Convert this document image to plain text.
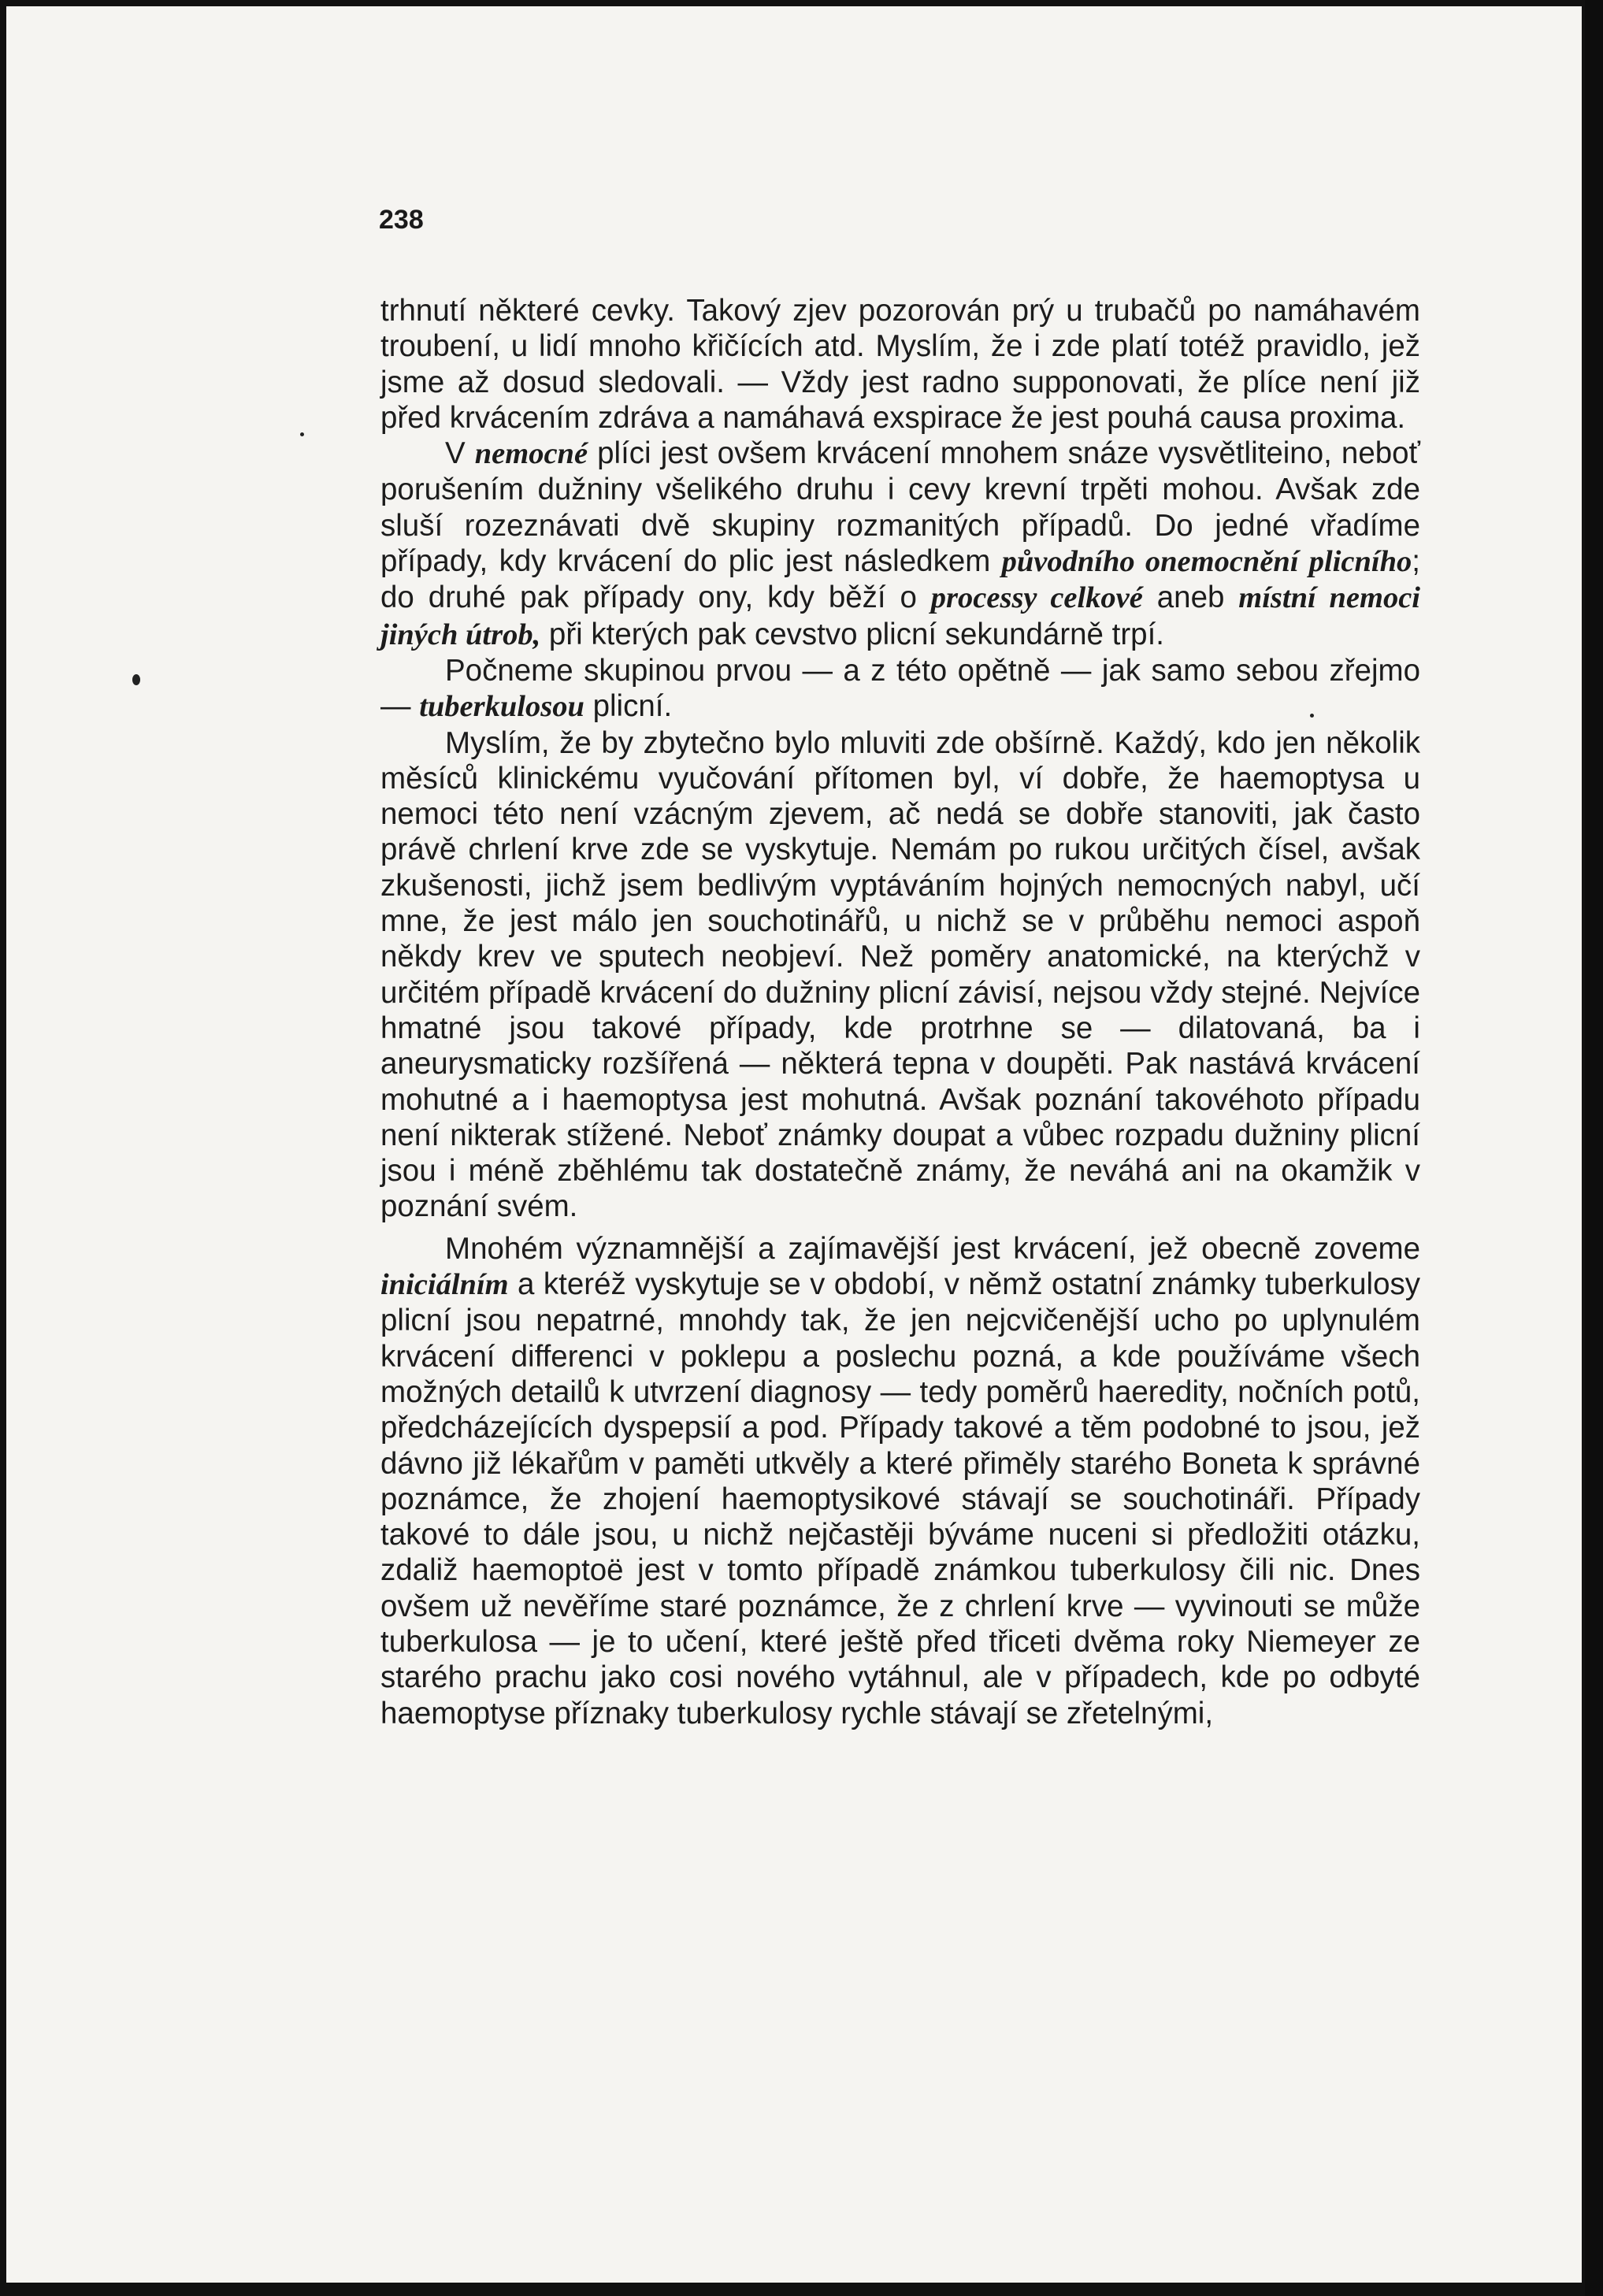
238

trhnutí některé cevky. Takový zjev pozorován prý u trubačů po namáhavém troubení, u lidí mnoho křičících atd. Myslím, že i zde platí totéž pravidlo, jež jsme až dosud sledovali. — Vždy jest radno supponovati, že plíce není již před krvácením zdráva a namáhavá exspirace že jest pouhá causa proxima.

V nemocné plíci jest ovšem krvácení mnohem snáze vysvětliteino, neboť porušením dužniny všelikého druhu i cevy krevní trpěti mohou. Avšak zde sluší rozeznávati dvě skupiny rozmanitých případů. Do jedné vřadíme případy, kdy krvácení do plic jest následkem původního onemocnění plicního; do druhé pak případy ony, kdy běží o processy celkové aneb místní nemoci jiných útrob, při kterých pak cevstvo plicní sekundárně trpí.

Počneme skupinou prvou — a z této opětně — jak samo sebou zřejmo — tuberkulosou plicní.

Myslím, že by zbytečno bylo mluviti zde obšírně. Každý, kdo jen několik měsíců klinickému vyučování přítomen byl, ví dobře, že haemoptysa u nemoci této není vzácným zjevem, ač nedá se dobře stanoviti, jak často právě chrlení krve zde se vyskytuje. Nemám po rukou určitých čísel, avšak zkušenosti, jichž jsem bedlivým vyptáváním hojných nemocných nabyl, učí mne, že jest málo jen souchotinářů, u nichž se v průběhu nemoci aspoň někdy krev ve sputech neobjeví. Než poměry anatomické, na kterýchž v určitém případě krvácení do dužniny plicní závisí, nejsou vždy stejné. Nejvíce hmatné jsou takové případy, kde protrhne se — dilatovaná, ba i aneurysmaticky rozšířená — některá tepna v doupěti. Pak nastává krvácení mohutné a i haemoptysa jest mohutná. Avšak poznání takovéhoto případu není nikterak stížené. Neboť známky doupat a vůbec rozpadu dužniny plicní jsou i méně zběhlému tak dostatečně známy, že neváhá ani na okamžik v poznání svém.

Mnohém významnější a zajímavější jest krvácení, jež obecně zoveme iniciálním a kteréž vyskytuje se v období, v němž ostatní známky tuberkulosy plicní jsou nepatrné, mnohdy tak, že jen nejcvičenější ucho po uplynulém krvácení differenci v poklepu a poslechu pozná, a kde používáme všech možných detailů k utvrzení diagnosy — tedy poměrů haeredity, nočních potů, předcházejících dyspepsií a pod. Případy takové a těm podobné to jsou, jež dávno již lékařům v paměti utkvěly a které přiměly starého Boneta k správné poznámce, že zhojení haemoptysikové stávají se souchotináři. Případy takové to dále jsou, u nichž nejčastěji býváme nuceni si předložiti otázku, zdaliž haemoptoë jest v tomto případě známkou tuberkulosy čili nic. Dnes ovšem už nevěříme staré poznámce, že z chrlení krve — vyvinouti se může tuberkulosa — je to učení, které ještě před třiceti dvěma roky Niemeyer ze starého prachu jako cosi nového vytáhnul, ale v případech, kde po odbyté haemoptyse příznaky tuberkulosy rychle stávají se zřetelnými,
